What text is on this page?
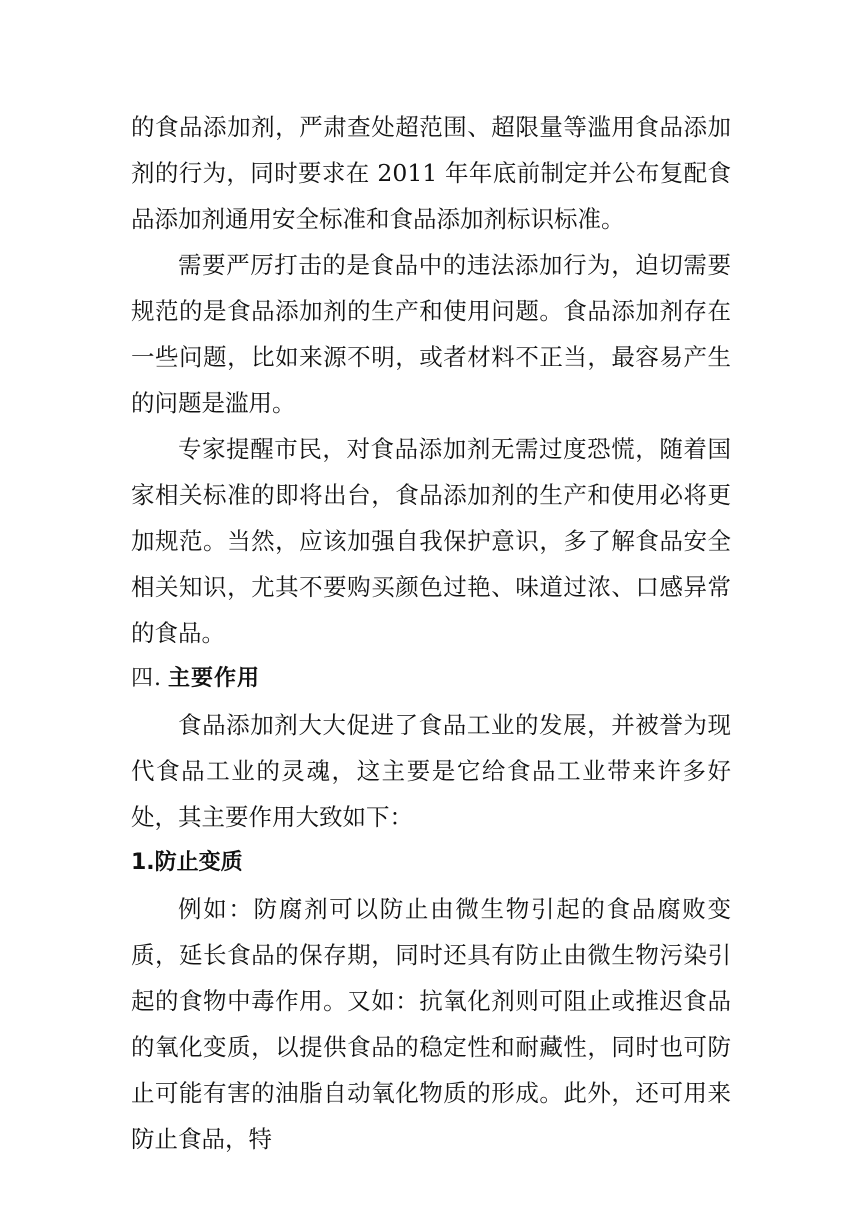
的食品添加剂，严肃查处超范围、超限量等滥用食品添加剂的行为，同时要求在 2011 年年底前制定并公布复配食品添加剂通用安全标准和食品添加剂标识标准。

需要严厉打击的是食品中的违法添加行为，迫切需要规范的是食品添加剂的生产和使用问题。食品添加剂存在一些问题，比如来源不明，或者材料不正当，最容易产生的问题是滥用。

专家提醒市民，对食品添加剂无需过度恐慌，随着国家相关标准的即将出台，食品添加剂的生产和使用必将更加规范。当然，应该加强自我保护意识，多了解食品安全相关知识，尤其不要购买颜色过艳、味道过浓、口感异常的食品。

四. 主要作用

食品添加剂大大促进了食品工业的发展，并被誉为现代食品工业的灵魂，这主要是它给食品工业带来许多好处，其主要作用大致如下：

1.防止变质

例如：防腐剂可以防止由微生物引起的食品腐败变质，延长食品的保存期，同时还具有防止由微生物污染引起的食物中毒作用。又如：抗氧化剂则可阻止或推迟食品的氧化变质，以提供食品的稳定性和耐藏性，同时也可防止可能有害的油脂自动氧化物质的形成。此外，还可用来防止食品，特
